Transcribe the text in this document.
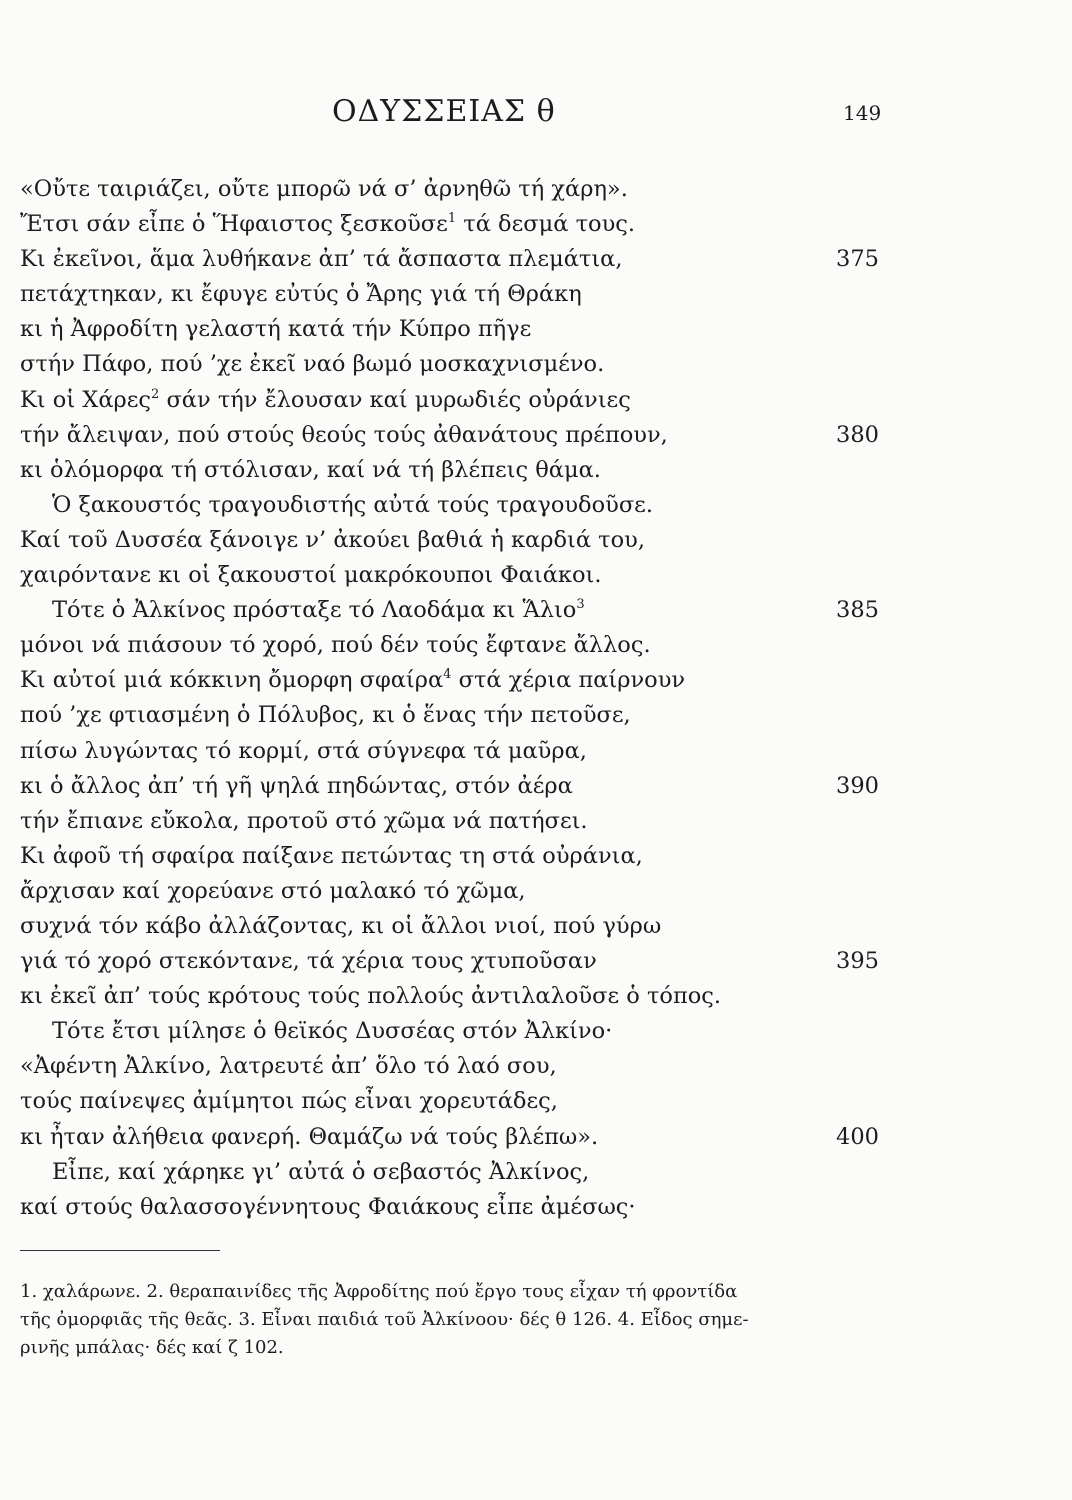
ΟΔΥΣΣΕΙΑΣ θ	149
«Οὔτε ταιριάζει, οὔτε μπορῶ νά σ’ ἀρνηθῶ τή χάρη».
Ἔτσι σάν εἶπε ὁ Ἥφαιστος ξεσκοῦσε$^1$ τά δεσμά τους.
Κι ἐκεῖνοι, ἅμα λυθήκανε ἀπ’ τά ἄσπαστα πλεμάτια,	375
πετάχτηκαν, κι ἔφυγε εὐτύς ὁ Ἄρης γιά τή Θράκη
κι ἡ Ἀφροδίτη γελαστή κατά τήν Κύπρο πῆγε
στήν Πάφο, πού ’χε ἐκεῖ ναό βωμό μοσκαχνισμένο.
Κι οἱ Χάρες$^2$ σάν τήν ἔλουσαν καί μυρωδιές οὐράνιες
τήν ἄλειψαν, πού στούς θεούς τούς ἀθανάτους πρέπουν,	380
κι ὁλόμορφα τή στόλισαν, καί νά τή βλέπεις θάμα.
Ὁ ξακουστός τραγουδιστής αὐτά τούς τραγουδοῦσε.
Καί τοῦ Δυσσέα ξάνοιγε ν’ ἀκούει βαθιά ἡ καρδιά του,
χαιρόντανε κι οἱ ξακουστοί μακρόκουποι Φαιάκοι.
Τότε ὁ Ἀλκίνος πρόσταξε τό Λαοδάμα κι Ἅλιο$^3$	385
μόνοι νά πιάσουν τό χορό, πού δέν τούς ἔφτανε ἄλλος.
Κι αὐτοί μιά κόκκινη ὄμορφη σφαίρα$^4$ στά χέρια παίρνουν
πού ’χε φτιασμένη ὁ Πόλυβος, κι ὁ ἕνας τήν πετοῦσε,
πίσω λυγώντας τό κορμί, στά σύγνεφα τά μαῦρα,
κι ὁ ἄλλος ἀπ’ τή γῆ ψηλά πηδώντας, στόν ἀέρα	390
τήν ἔπιανε εὔκολα, προτοῦ στό χῶμα νά πατήσει.
Κι ἀφοῦ τή σφαίρα παίξανε πετώντας τη στά οὐράνια,
ἄρχισαν καί χορεύανε στό μαλακό τό χῶμα,
συχνά τόν κάβο ἀλλάζοντας, κι οἱ ἄλλοι νιοί, πού γύρω
γιά τό χορό στεκόντανε, τά χέρια τους χτυποῦσαν	395
κι ἐκεῖ ἀπ’ τούς κρότους τούς πολλούς ἀντιλαλοῦσε ὁ τόπος.
Τότε ἔτσι μίλησε ὁ θεϊκός Δυσσέας στόν Ἀλκίνο·
«Ἀφέντη Ἀλκίνο, λατρευτέ ἀπ’ ὅλο τό λαό σου,
τούς παίνεψες ἀμίμητοι πώς εἶναι χορευτάδες,
κι ἦταν ἀλήθεια φανερή. Θαμάζω νά τούς βλέπω».	400
Εἶπε, καί χάρηκε γι’ αὐτά ὁ σεβαστός Ἀλκίνος,
καί στούς θαλασσογέννητους Φαιάκους εἶπε ἀμέσως·
1. χαλάρωνε. 2. θεραπαινίδες τῆς Ἀφροδίτης πού ἔργο τους εἶχαν τή φροντίδα
τῆς ὀμορφιᾶς τῆς θεᾶς. 3. Εἶναι παιδιά τοῦ Ἀλκίνοου· δές θ 126. 4. Εἶδος σημε-
ρινῆς μπάλας· δές καί ζ 102.
